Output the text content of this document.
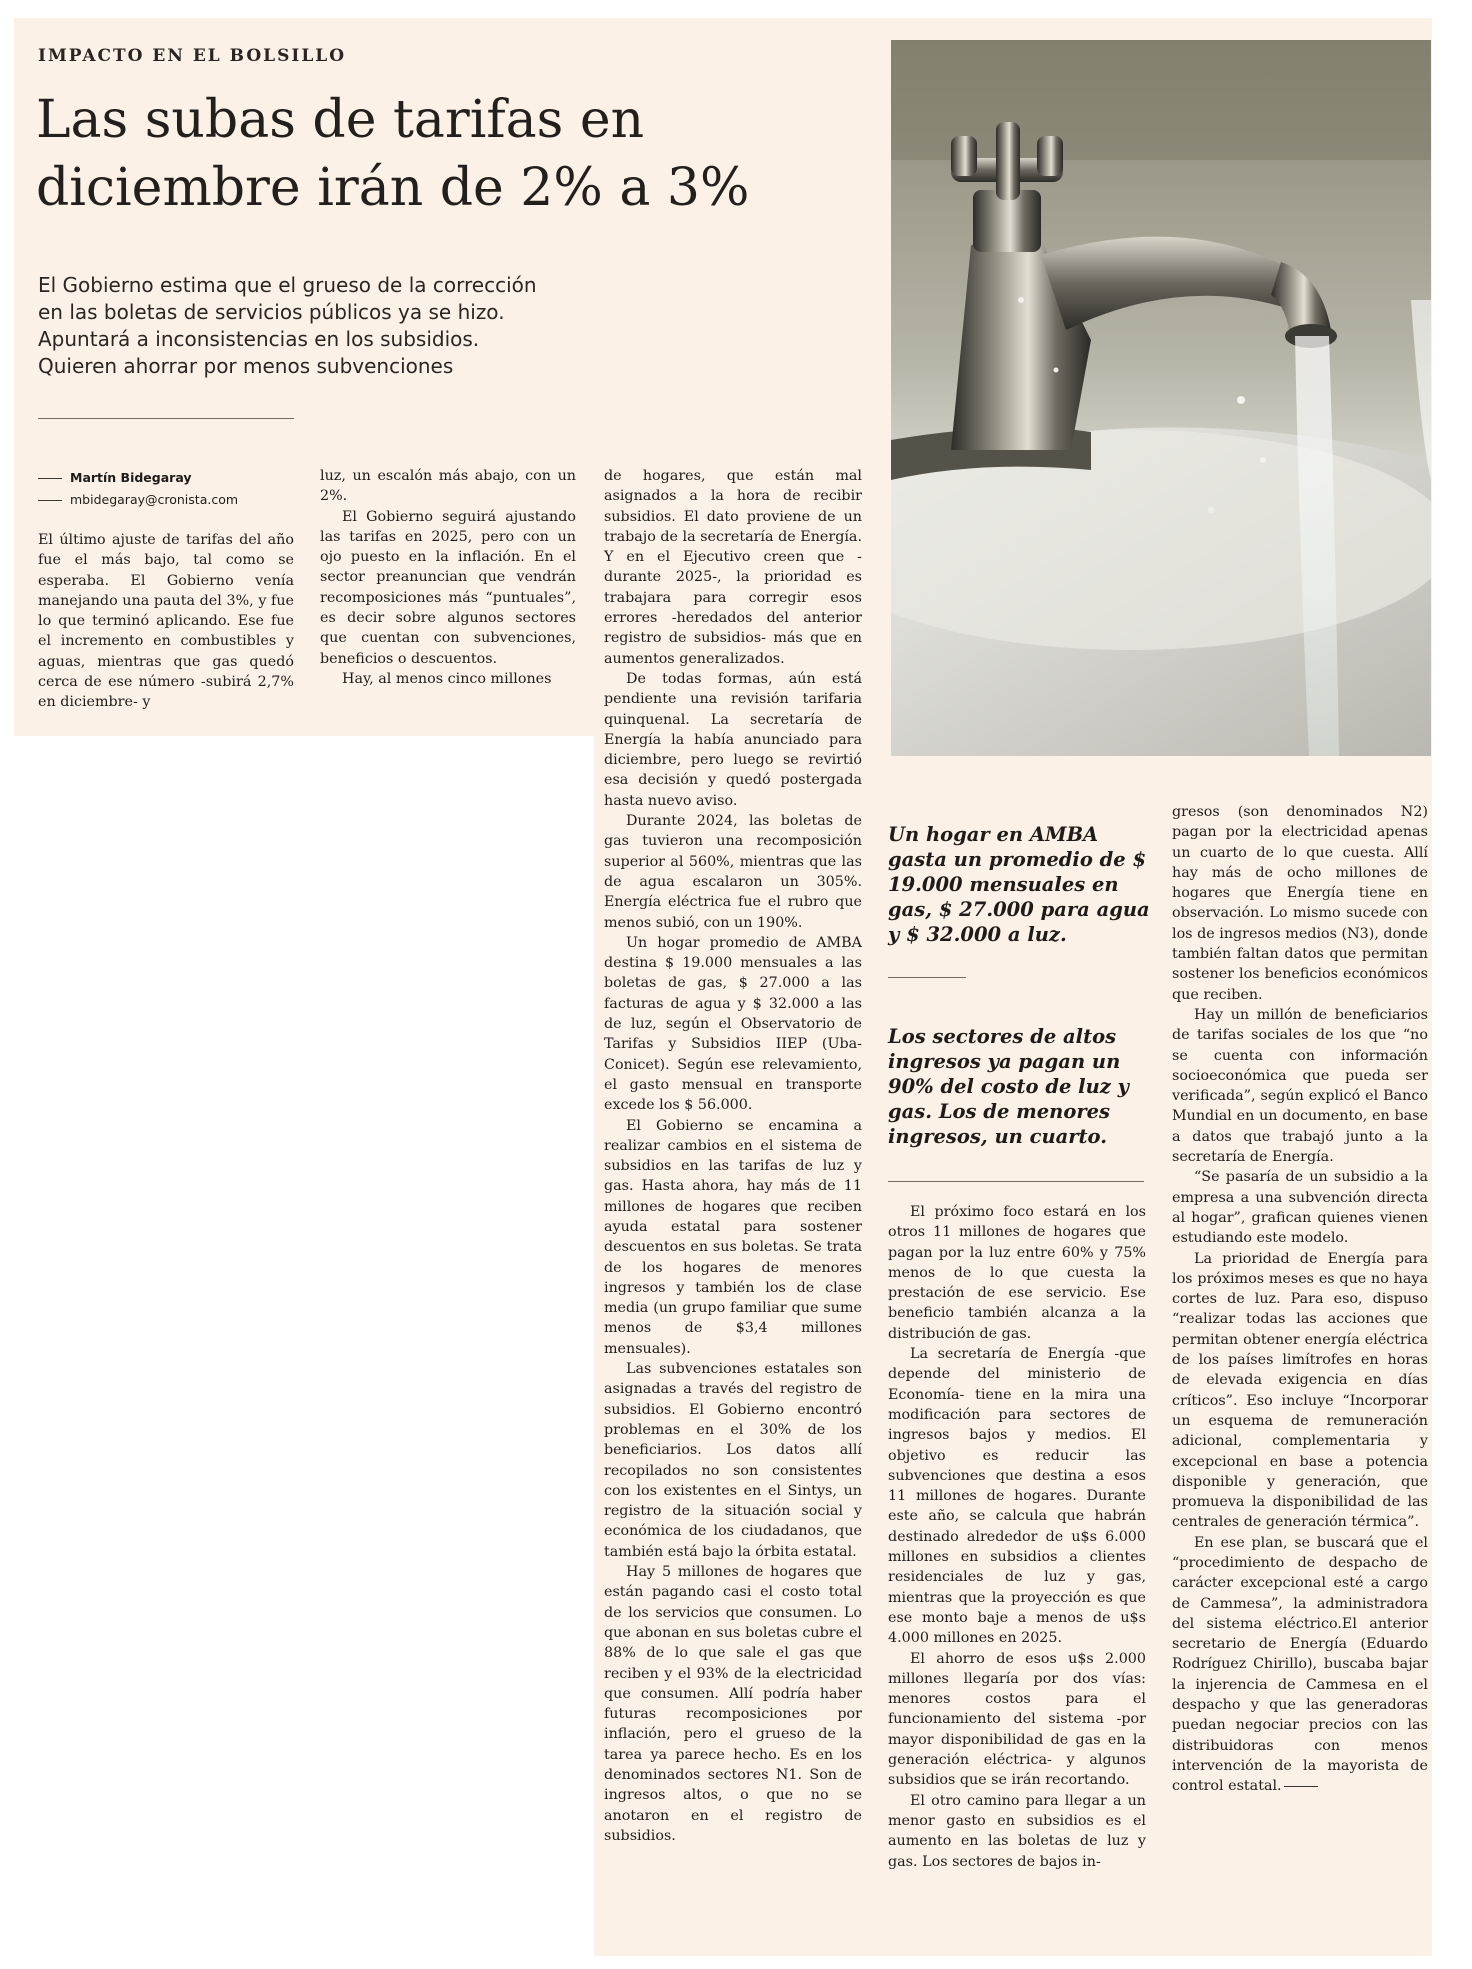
IMPACTO EN EL BOLSILLO
Las subas de tarifas en
diciembre irán de 2% a 3%
El Gobierno estima que el grueso de la corrección
en las boletas de servicios públicos ya se hizo.
Apuntará a inconsistencias en los subsidios.
Quieren ahorrar por menos subvenciones
Martín Bidegaray
mbidegaray@cronista.com

El último ajuste de tarifas del año fue el más bajo, tal como se esperaba. El Gobierno venía manejando una pauta del 3%, y fue lo que terminó aplicando. Ese fue el incremento en combustibles y aguas, mientras que gas quedó cerca de ese número -subirá 2,7% en diciembre- y

luz, un escalón más abajo, con un 2%.

El Gobierno seguirá ajustando las tarifas en 2025, pero con un ojo puesto en la inflación. En el sector preanuncian que vendrán recomposiciones más “puntuales”, es decir sobre algunos sectores que cuentan con subvenciones, beneficios o descuentos.

Hay, al menos cinco millones

de hogares, que están mal asignados a la hora de recibir subsidios. El dato proviene de un trabajo de la secretaría de Energía. Y en el Ejecutivo creen que -durante 2025-, la prioridad es trabajara para corregir esos errores -heredados del anterior registro de subsidios- más que en aumentos generalizados.

De todas formas, aún está pendiente una revisión tarifaria quinquenal. La secretaría de Energía la había anunciado para diciembre, pero luego se revirtió esa decisión y quedó postergada hasta nuevo aviso.

Durante 2024, las boletas de gas tuvieron una recomposición superior al 560%, mientras que las de agua escalaron un 305%. Energía eléctrica fue el rubro que menos subió, con un 190%.

Un hogar promedio de AMBA destina $ 19.000 mensuales a las boletas de gas, $ 27.000 a las facturas de agua y $ 32.000 a las de luz, según el Observatorio de Tarifas y Subsidios IIEP (Uba-Conicet). Según ese relevamiento, el gasto mensual en transporte excede los $ 56.000.

El Gobierno se encamina a realizar cambios en el sistema de subsidios en las tarifas de luz y gas. Hasta ahora, hay más de 11 millones de hogares que reciben ayuda estatal para sostener descuentos en sus boletas. Se trata de los hogares de menores ingresos y también los de clase media (un grupo familiar que sume menos de $3,4 millones mensuales).

Las subvenciones estatales son asignadas a través del registro de subsidios. El Gobierno encontró problemas en el 30% de los beneficiarios. Los datos allí recopilados no son consistentes con los existentes en el Sintys, un registro de la situación social y económica de los ciudadanos, que también está bajo la órbita estatal.

Hay 5 millones de hogares que están pagando casi el costo total de los servicios que consumen. Lo que abonan en sus boletas cubre el 88% de lo que sale el gas que reciben y el 93% de la electricidad que consumen. Allí podría haber futuras recomposiciones por inflación, pero el grueso de la tarea ya parece hecho. Es en los denominados sectores N1. Son de ingresos altos, o que no se anotaron en el registro de subsidios.

Un hogar en AMBA gasta un promedio de $ 19.000 mensuales en gas, $ 27.000 para agua y $ 32.000 a luz.
Los sectores de altos ingresos ya pagan un 90% del costo de luz y gas. Los de menores ingresos, un cuarto.

El próximo foco estará en los otros 11 millones de hogares que pagan por la luz entre 60% y 75% menos de lo que cuesta la prestación de ese servicio. Ese beneficio también alcanza a la distribución de gas.

La secretaría de Energía -que depende del ministerio de Economía- tiene en la mira una modificación para sectores de ingresos bajos y medios. El objetivo es reducir las subvenciones que destina a esos 11 millones de hogares. Durante este año, se calcula que habrán destinado alrededor de u$s 6.000 millones en subsidios a clientes residenciales de luz y gas, mientras que la proyección es que ese monto baje a menos de u$s 4.000 millones en 2025.

El ahorro de esos u$s 2.000 millones llegaría por dos vías: menores costos para el funcionamiento del sistema -por mayor disponibilidad de gas en la generación eléctrica- y algunos subsidios que se irán recortando.

El otro camino para llegar a un menor gasto en subsidios es el aumento en las boletas de luz y gas. Los sectores de bajos in-

gresos (son denominados N2) pagan por la electricidad apenas un cuarto de lo que cuesta. Allí hay más de ocho millones de hogares que Energía tiene en observación. Lo mismo sucede con los de ingresos medios (N3), donde también faltan datos que permitan sostener los beneficios económicos que reciben.

Hay un millón de beneficiarios de tarifas sociales de los que “no se cuenta con información socioeconómica que pueda ser verificada”, según explicó el Banco Mundial en un documento, en base a datos que trabajó junto a la secretaría de Energía.

“Se pasaría de un subsidio a la empresa a una subvención directa al hogar”, grafican quienes vienen estudiando este modelo.

La prioridad de Energía para los próximos meses es que no haya cortes de luz. Para eso, dispuso “realizar todas las acciones que permitan obtener energía eléctrica de los países limítrofes en horas de elevada exigencia en días críticos”. Eso incluye “Incorporar un esquema de remuneración adicional, complementaria y excepcional en base a potencia disponible y generación, que promueva la disponibilidad de las centrales de generación térmica”.

En ese plan, se buscará que el “procedimiento de despacho de carácter excepcional esté a cargo de Cammesa”, la administradora del sistema eléctrico.El anterior secretario de Energía (Eduardo Rodríguez Chirillo), buscaba bajar la injerencia de Cammesa en el despacho y que las generadoras puedan negociar precios con las distribuidoras con menos intervención de la mayorista de control estatal.
